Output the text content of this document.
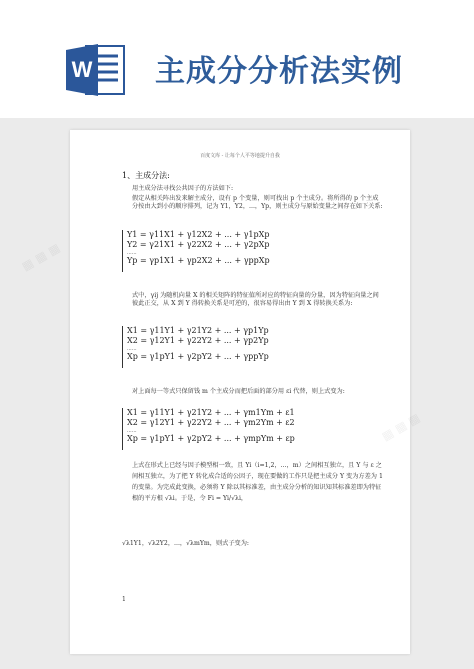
W 主成分分析法实例
百度文库 - 让每个人平等地提升自我
1、主成分法:
用主成分法寻找公共因子的方法如下:
假定从相关阵出发来解主成分，设有 p 个变量，则可找出 p 个主成分。将所得的 p 个主成分按由大到小的顺序排列，记为 Y1，Y2，...，Yp，则主成分与原始变量之间存在如下关系:
Y1 = γ11X1 + γ12X2 + ... + γ1pXp
Y2 = γ21X1 + γ22X2 + ... + γ2pXp
......
Yp = γp1X1 + γp2X2 + ... + γppXp
式中，γij 为随机向量 X 的相关矩阵的特征值所对应的特征向量的分量，因为特征向量之间彼此正交，从 X 到 Y 得转换关系是可逆的，很容易得出由 Y 到 X 得转换关系为:
X1 = γ11Y1 + γ21Y2 + ... + γp1Yp
X2 = γ12Y1 + γ22Y2 + ... + γp2Yp
......
Xp = γ1pY1 + γ2pY2 + ... + γppYp
对上面每一等式只保留钱 m 个主成分而把后面的部分用 εi 代替，则上式变为:
X1 = γ11Y1 + γ21Y2 + ... + γm1Ym + ε1
X2 = γ12Y1 + γ22Y2 + ... + γm2Ym + ε2
......
Xp = γ1pY1 + γ2pY2 + ... + γmpYm + εp
上式在形式上已经与因子模型相一致，且 Yi（i=1,2，...，m）之间相互独立，且 Y 与 ε 之间相互独立，为了把 Y 转化成合适的公因子，现在要做的工作只是把主成分 Y 变为方差为 1 的变量。为完成此变换，必须将 Y 除以其标准差，由主成分分析的知识知其标准差即为特征根的平方根 √λi。于是，令 Fi = Yi/√λi，
√λ1Y1，√λ2Y2，...，√λmYm，则式子变为:
1
▦ ▦ ▦
▦ ▦ ▦
